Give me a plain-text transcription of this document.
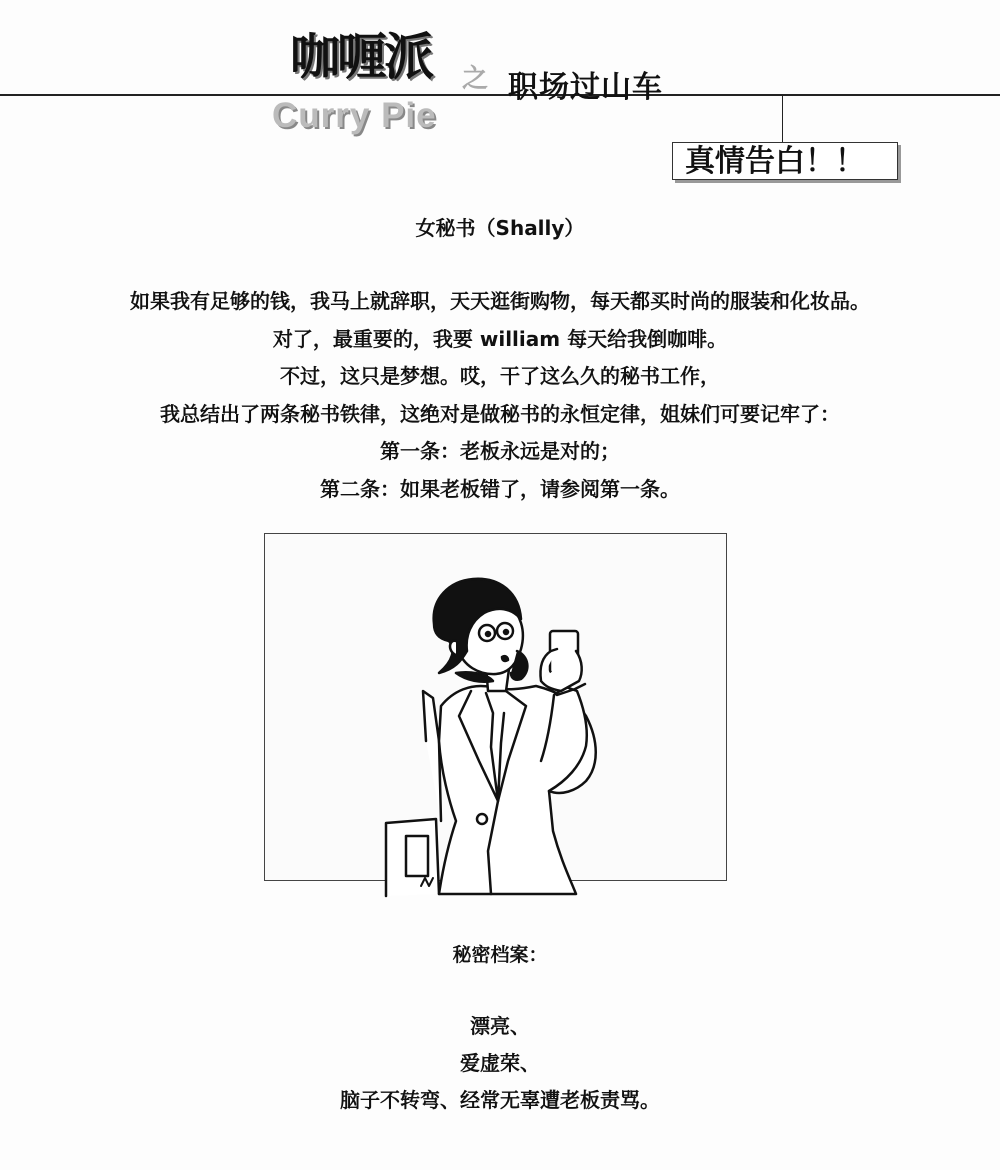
咖喱派 之 职场过山车
Curry Pie
真情告白！！
女秘书（Shally）
如果我有足够的钱，我马上就辞职，天天逛街购物，每天都买时尚的服装和化妆品。
对了，最重要的，我要 william 每天给我倒咖啡。
不过，这只是梦想。哎，干了这么久的秘书工作，
我总结出了两条秘书铁律，这绝对是做秘书的永恒定律，姐妹们可要记牢了：
第一条：老板永远是对的；
第二条：如果老板错了，请参阅第一条。
秘密档案：
漂亮、
爱虚荣、
脑子不转弯、经常无辜遭老板责骂。
